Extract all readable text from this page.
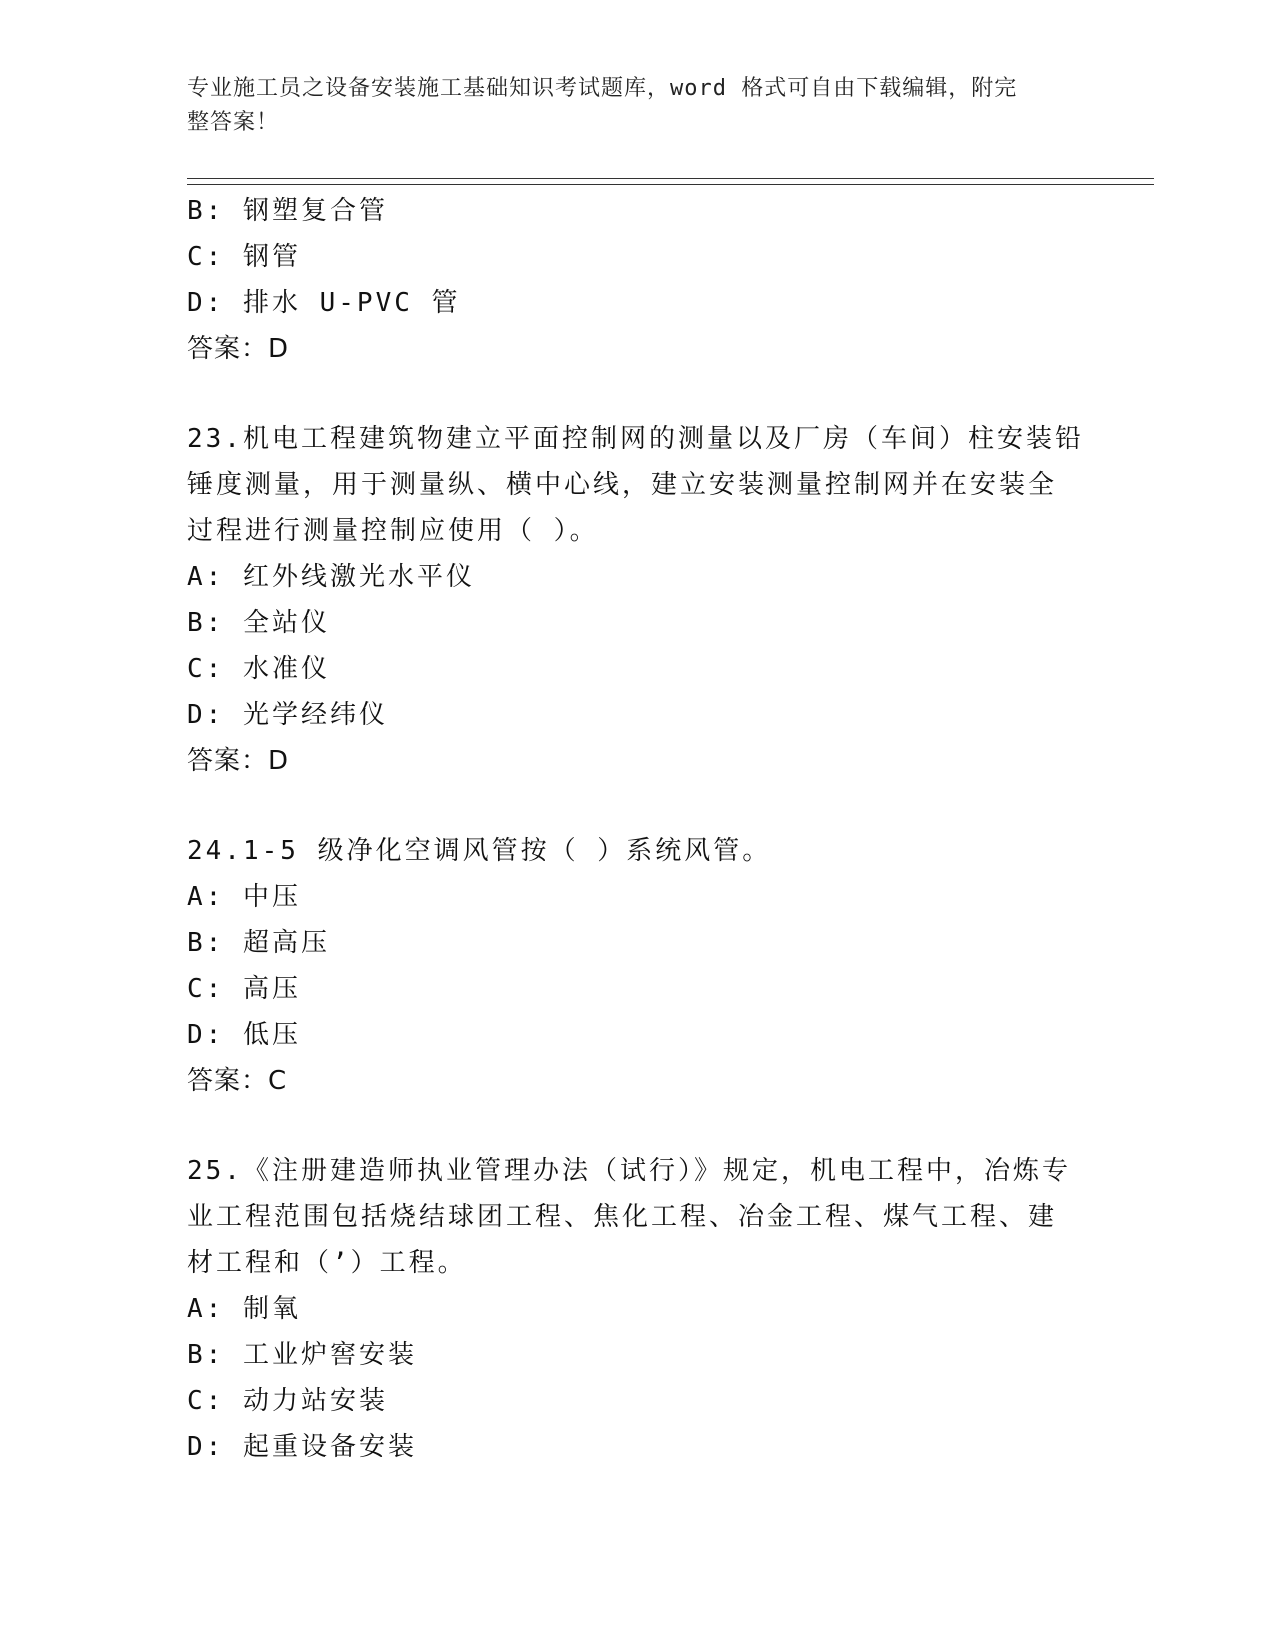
专业施工员之设备安装施工基础知识考试题库，word 格式可自由下载编辑，附完
整答案！
B: 钢塑复合管
C: 钢管
D: 排水 U-PVC 管
答案：D
23.机电工程建筑物建立平面控制网的测量以及厂房（车间）柱安装铅
锤度测量，用于测量纵、横中心线，建立安装测量控制网并在安装全
过程进行测量控制应使用（ ）。
A: 红外线激光水平仪
B: 全站仪
C: 水准仪
D: 光学经纬仪
答案：D
24.1-5 级净化空调风管按（ ）系统风管。
A: 中压
B: 超高压
C: 高压
D: 低压
答案：C
25.《注册建造师执业管理办法（试行）》规定，机电工程中，冶炼专
业工程范围包括烧结球团工程、焦化工程、冶金工程、煤气工程、建
材工程和（’）工程。
A: 制氧
B: 工业炉窖安装
C: 动力站安装
D: 起重设备安装
